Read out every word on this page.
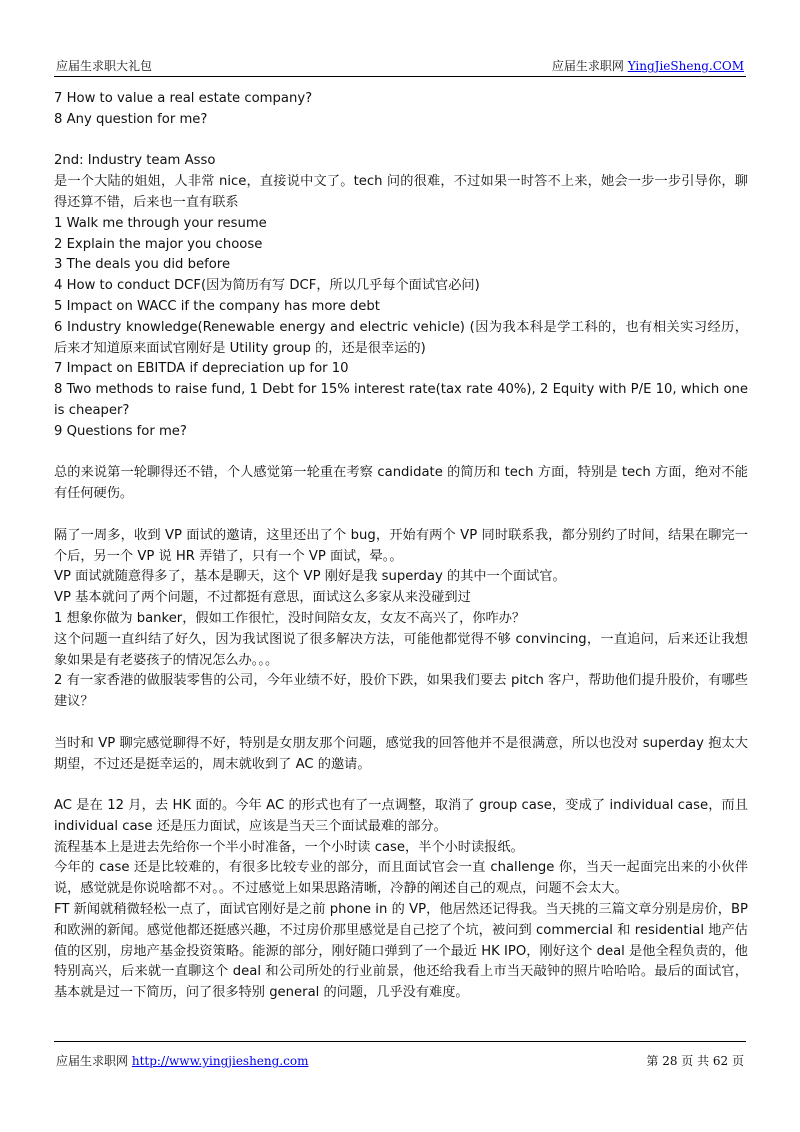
应届生求职大礼包	应届生求职网 YingJieSheng.COM

7 How to value a real estate company?

8 Any question for me?

2nd: Industry team Asso

是一个大陆的姐姐，人非常 nice，直接说中文了。tech 问的很难，不过如果一时答不上来，她会一步一步引导你，聊得还算不错，后来也一直有联系

1 Walk me through your resume

2 Explain the major you choose

3 The deals you did before

4 How to conduct DCF(因为简历有写 DCF，所以几乎每个面试官必问)

5 Impact on WACC if the company has more debt

6 Industry knowledge(Renewable energy and electric vehicle) (因为我本科是学工科的，也有相关实习经历，后来才知道原来面试官刚好是 Utility group 的，还是很幸运的)

7 Impact on EBITDA if depreciation up for 10

8 Two methods to raise fund, 1 Debt for 15% interest rate(tax rate 40%), 2 Equity with P/E 10, which one is cheaper?

9 Questions for me?

总的来说第一轮聊得还不错，个人感觉第一轮重在考察 candidate 的简历和 tech 方面，特别是 tech 方面，绝对不能有任何硬伤。

隔了一周多，收到 VP 面试的邀请，这里还出了个 bug，开始有两个 VP 同时联系我，都分别约了时间，结果在聊完一个后，另一个 VP 说 HR 弄错了，只有一个 VP 面试，晕。。

VP 面试就随意得多了，基本是聊天，这个 VP 刚好是我 superday 的其中一个面试官。

VP 基本就问了两个问题，不过都挺有意思，面试这么多家从来没碰到过

1 想象你做为 banker，假如工作很忙，没时间陪女友，女友不高兴了，你咋办？

这个问题一直纠结了好久，因为我试图说了很多解决方法，可能他都觉得不够 convincing，一直追问，后来还让我想象如果是有老婆孩子的情况怎么办。。。

2 有一家香港的做服装零售的公司，今年业绩不好，股价下跌，如果我们要去 pitch 客户，帮助他们提升股价，有哪些建议？

当时和 VP 聊完感觉聊得不好，特别是女朋友那个问题，感觉我的回答他并不是很满意，所以也没对 superday 抱太大期望，不过还是挺幸运的，周末就收到了 AC 的邀请。

AC 是在 12 月，去 HK 面的。今年 AC 的形式也有了一点调整，取消了 group case，变成了 individual case，而且 individual case 还是压力面试，应该是当天三个面试最难的部分。

流程基本上是进去先给你一个半小时准备，一个小时读 case，半个小时读报纸。

今年的 case 还是比较难的，有很多比较专业的部分，而且面试官会一直 challenge 你，当天一起面完出来的小伙伴说，感觉就是你说啥都不对。。不过感觉上如果思路清晰，冷静的阐述自己的观点，问题不会太大。

FT 新闻就稍微轻松一点了，面试官刚好是之前 phone in 的 VP，他居然还记得我。当天挑的三篇文章分别是房价，BP 和欧洲的新闻。感觉他都还挺感兴趣，不过房价那里感觉是自己挖了个坑，被问到 commercial 和 residential 地产估值的区别，房地产基金投资策略。能源的部分，刚好随口弹到了一个最近 HK IPO，刚好这个 deal 是他全程负责的，他特别高兴，后来就一直聊这个 deal 和公司所处的行业前景，他还给我看上市当天敲钟的照片哈哈哈。最后的面试官，基本就是过一下简历，问了很多特别 general 的问题，几乎没有难度。

应届生求职网 http://www.yingjiesheng.com	第 28 页 共 62 页
